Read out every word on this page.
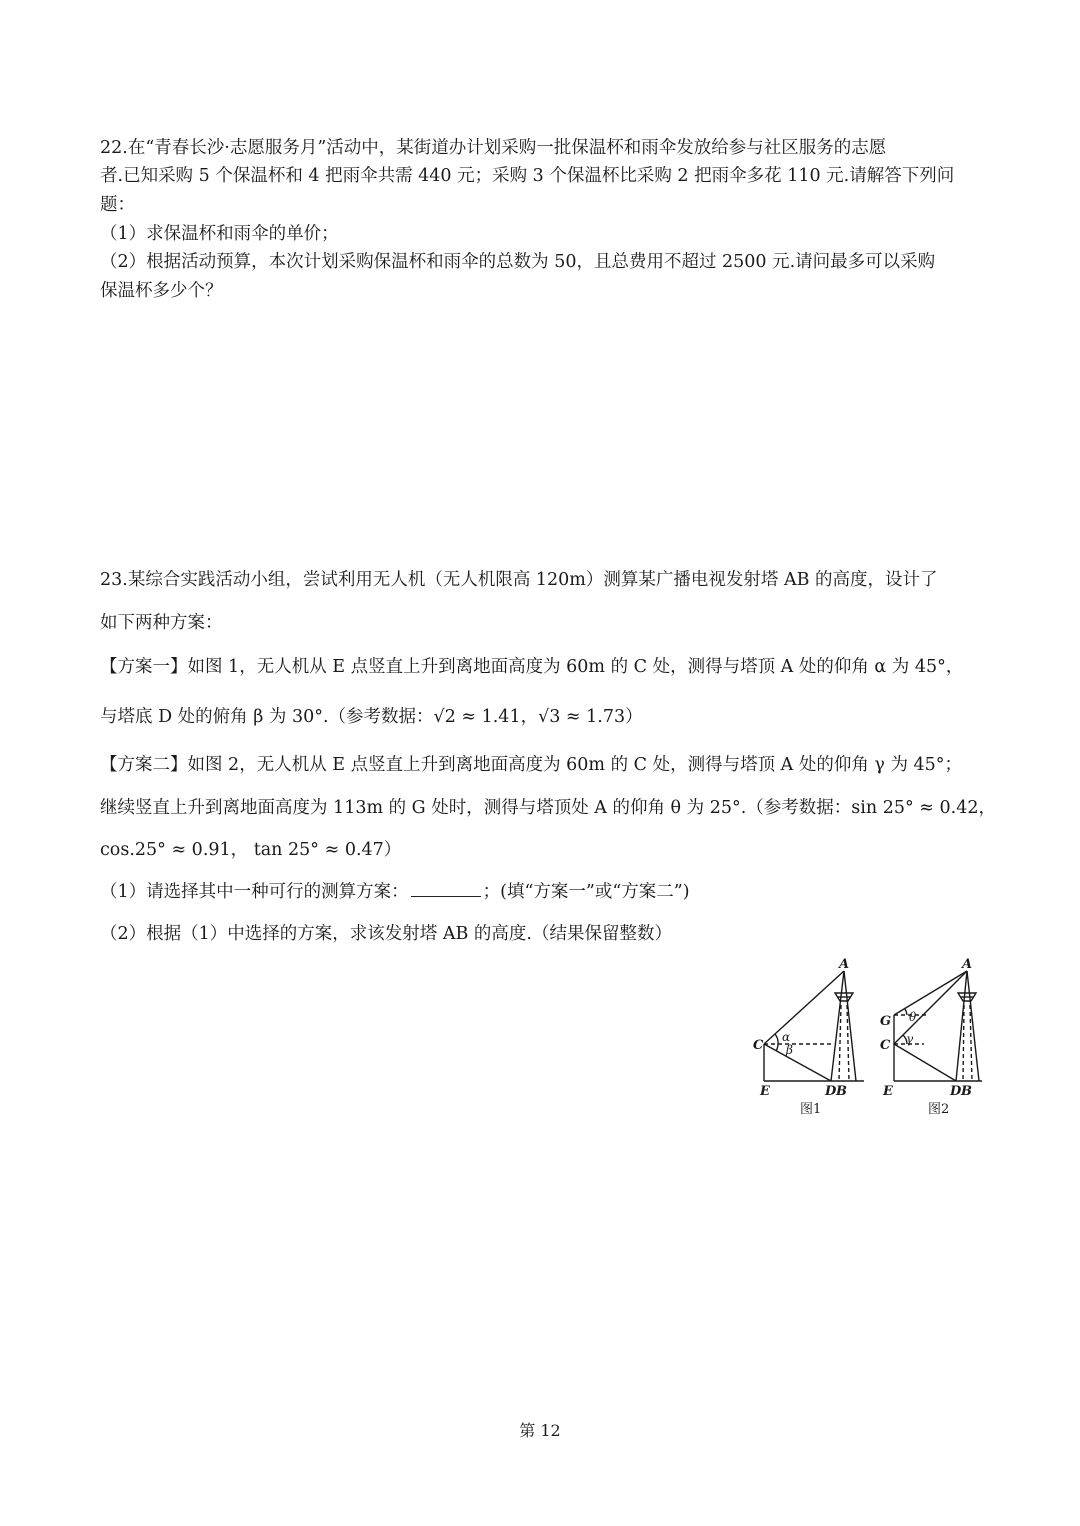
22.在“青春长沙·志愿服务月”活动中，某街道办计划采购一批保温杯和雨伞发放给参与社区服务的志愿
者.已知采购 5 个保温杯和 4 把雨伞共需 440 元；采购 3 个保温杯比采购 2 把雨伞多花 110 元.请解答下列问
题：
（1）求保温杯和雨伞的单价；
（2）根据活动预算，本次计划采购保温杯和雨伞的总数为 50，且总费用不超过 2500 元.请问最多可以采购
保温杯多少个？
23.某综合实践活动小组，尝试利用无人机（无人机限高 120m）测算某广播电视发射塔 AB 的高度，设计了
如下两种方案：
【方案一】如图 1，无人机从 E 点竖直上升到离地面高度为 60m 的 C 处，测得与塔顶 A 处的仰角 α 为 45°，
与塔底 D 处的俯角 β 为 30°.（参考数据：√2 ≈ 1.41，√3 ≈ 1.73）
【方案二】如图 2，无人机从 E 点竖直上升到离地面高度为 60m 的 C 处，测得与塔顶 A 处的仰角 γ 为 45°；
继续竖直上升到离地面高度为 113m 的 G 处时，测得与塔顶处 A 的仰角 θ 为 25°.（参考数据：sin 25° ≈ 0.42，
cos.25° ≈ 0.91， tan 25° ≈ 0.47）
（1）请选择其中一种可行的测算方案：	；(填“方案一”或“方案二”)
（2）根据（1）中选择的方案，求该发射塔 AB 的高度.（结果保留整数）
A
C
E	D B
α
β
图1
A
G
C
E	D B
θ
γ
图2
第 12
